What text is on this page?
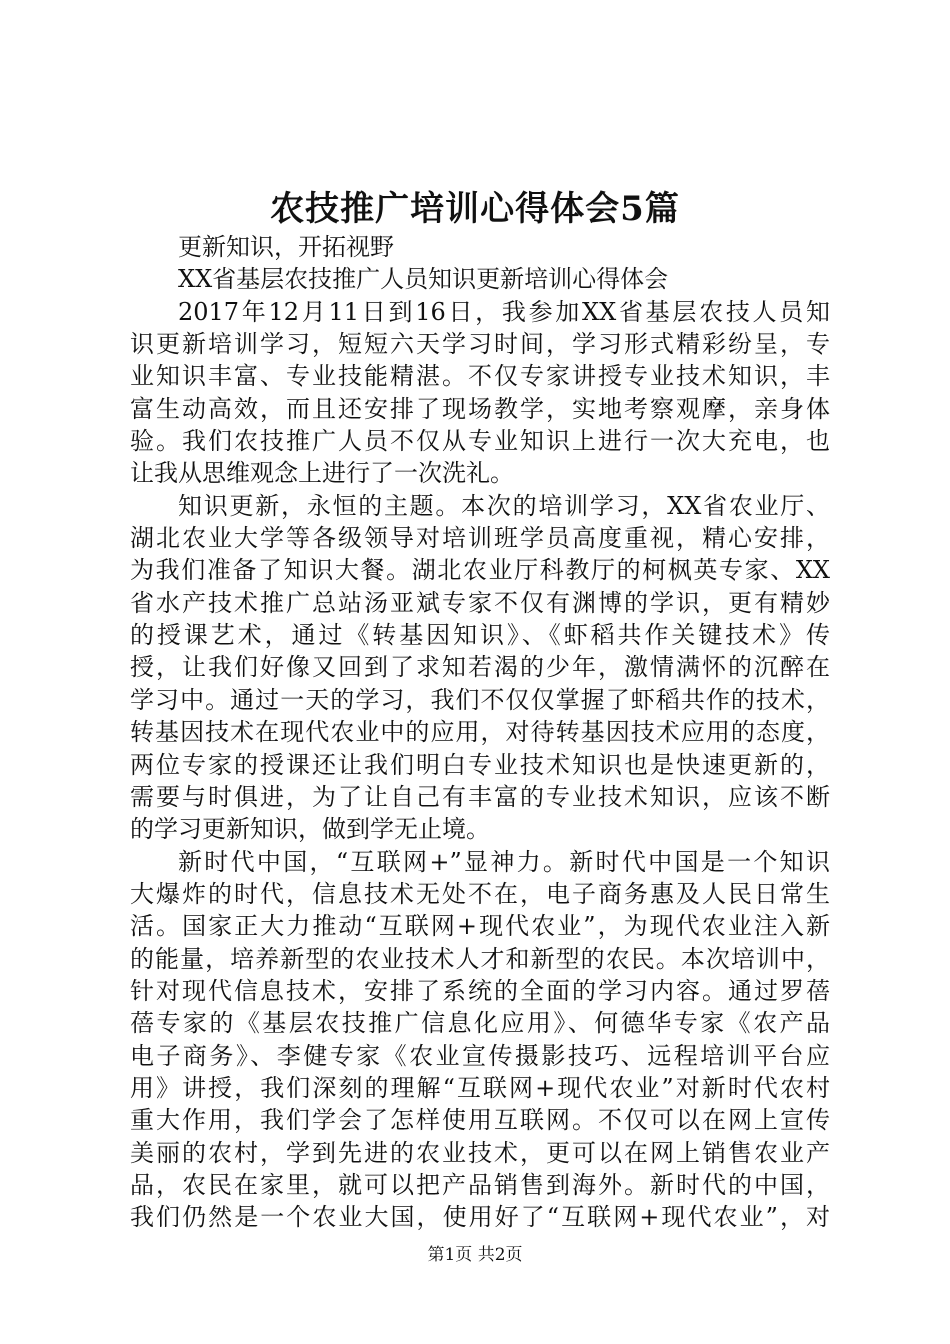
农技推广培训心得体会5篇
更新知识，开拓视野
XX省基层农技推广人员知识更新培训心得体会
2017年12月11日到16日，我参加XX省基层农技人员知
识更新培训学习，短短六天学习时间，学习形式精彩纷呈，专
业知识丰富、专业技能精湛。不仅专家讲授专业技术知识，丰
富生动高效，而且还安排了现场教学，实地考察观摩，亲身体
验。我们农技推广人员不仅从专业知识上进行一次大充电，也
让我从思维观念上进行了一次洗礼。
知识更新，永恒的主题。本次的培训学习，XX省农业厅、
湖北农业大学等各级领导对培训班学员高度重视，精心安排，
为我们准备了知识大餐。湖北农业厅科教厅的柯枫英专家、XX
省水产技术推广总站汤亚斌专家不仅有渊博的学识，更有精妙
的授课艺术，通过《转基因知识》、《虾稻共作关键技术》传
授，让我们好像又回到了求知若渴的少年，激情满怀的沉醉在
学习中。通过一天的学习，我们不仅仅掌握了虾稻共作的技术，
转基因技术在现代农业中的应用，对待转基因技术应用的态度，
两位专家的授课还让我们明白专业技术知识也是快速更新的，
需要与时俱进，为了让自己有丰富的专业技术知识，应该不断
的学习更新知识，做到学无止境。
新时代中国，“互联网+”显神力。新时代中国是一个知识
大爆炸的时代，信息技术无处不在，电子商务惠及人民日常生
活。国家正大力推动“互联网+现代农业”，为现代农业注入新
的能量，培养新型的农业技术人才和新型的农民。本次培训中，
针对现代信息技术，安排了系统的全面的学习内容。通过罗蓓
蓓专家的《基层农技推广信息化应用》、何德华专家《农产品
电子商务》、李健专家《农业宣传摄影技巧、远程培训平台应
用》讲授，我们深刻的理解“互联网+现代农业”对新时代农村
重大作用，我们学会了怎样使用互联网。不仅可以在网上宣传
美丽的农村，学到先进的农业技术，更可以在网上销售农业产
品，农民在家里，就可以把产品销售到海外。新时代的中国，
我们仍然是一个农业大国，使用好了“互联网+现代农业”，对
第1页 共2页
